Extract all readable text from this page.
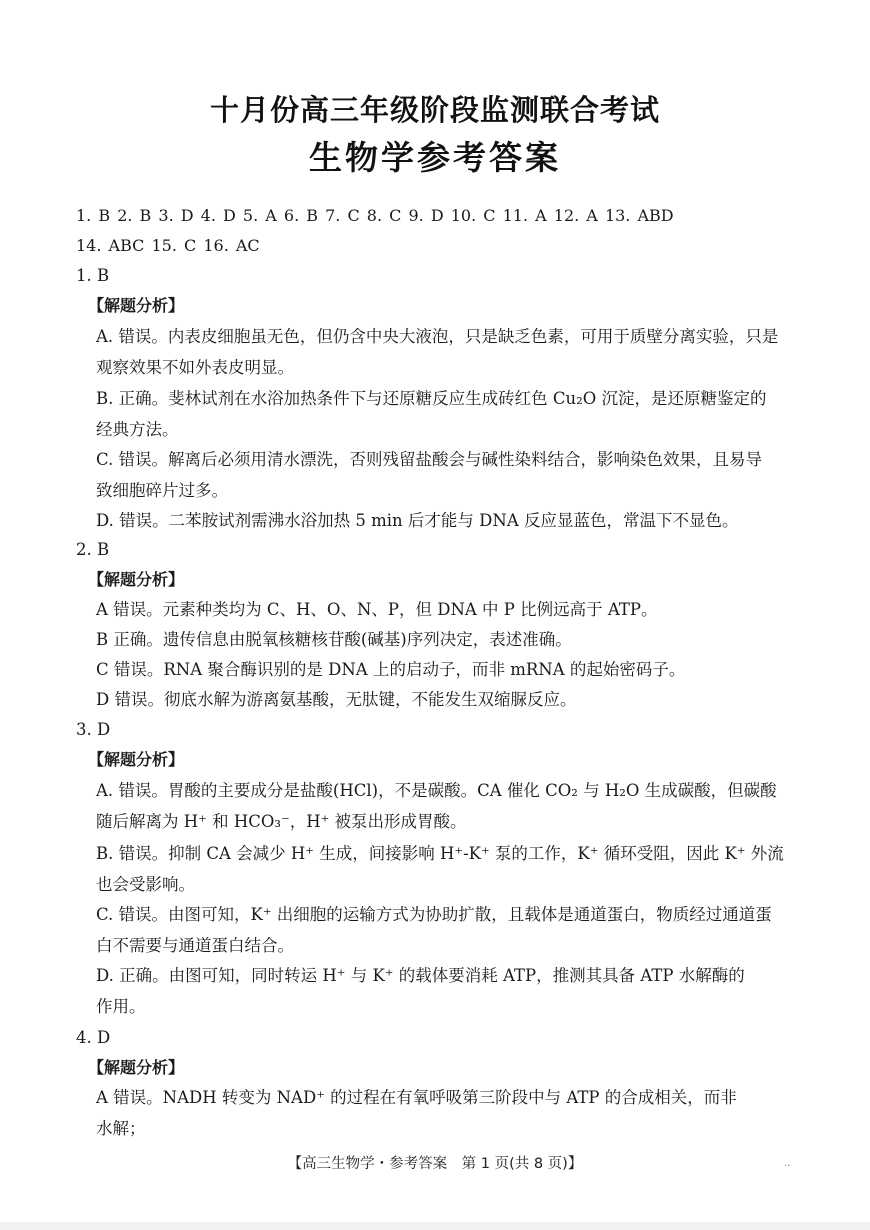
十月份高三年级阶段监测联合考试
生物学参考答案
1. B 2. B 3. D 4. D 5. A 6. B 7. C 8. C 9. D 10. C 11. A 12. A 13. ABD
14. ABC 15. C 16. AC
1. B
【解题分析】
A. 错误。内表皮细胞虽无色，但仍含中央大液泡，只是缺乏色素，可用于质壁分离实验，只是
观察效果不如外表皮明显。
B. 正确。斐林试剂在水浴加热条件下与还原糖反应生成砖红色 Cu₂O 沉淀，是还原糖鉴定的
经典方法。
C. 错误。解离后必须用清水漂洗，否则残留盐酸会与碱性染料结合，影响染色效果，且易导
致细胞碎片过多。
D. 错误。二苯胺试剂需沸水浴加热 5 min 后才能与 DNA 反应显蓝色，常温下不显色。
2. B
【解题分析】
A 错误。元素种类均为 C、H、O、N、P，但 DNA 中 P 比例远高于 ATP。
B 正确。遗传信息由脱氧核糖核苷酸(碱基)序列决定，表述准确。
C 错误。RNA 聚合酶识别的是 DNA 上的启动子，而非 mRNA 的起始密码子。
D 错误。彻底水解为游离氨基酸，无肽键，不能发生双缩脲反应。
3. D
【解题分析】
A. 错误。胃酸的主要成分是盐酸(HCl)，不是碳酸。CA 催化 CO₂ 与 H₂O 生成碳酸，但碳酸
随后解离为 H⁺ 和 HCO₃⁻，H⁺ 被泵出形成胃酸。
B. 错误。抑制 CA 会减少 H⁺ 生成，间接影响 H⁺-K⁺ 泵的工作，K⁺ 循环受阻，因此 K⁺ 外流
也会受影响。
C. 错误。由图可知，K⁺ 出细胞的运输方式为协助扩散，且载体是通道蛋白，物质经过通道蛋
白不需要与通道蛋白结合。
D. 正确。由图可知，同时转运 H⁺ 与 K⁺ 的载体要消耗 ATP，推测其具备 ATP 水解酶的
作用。
4. D
【解题分析】
A 错误。NADH 转变为 NAD⁺ 的过程在有氧呼吸第三阶段中与 ATP 的合成相关，而非
水解；
【高三生物学・参考答案　第 1 页(共 8 页)】	..
